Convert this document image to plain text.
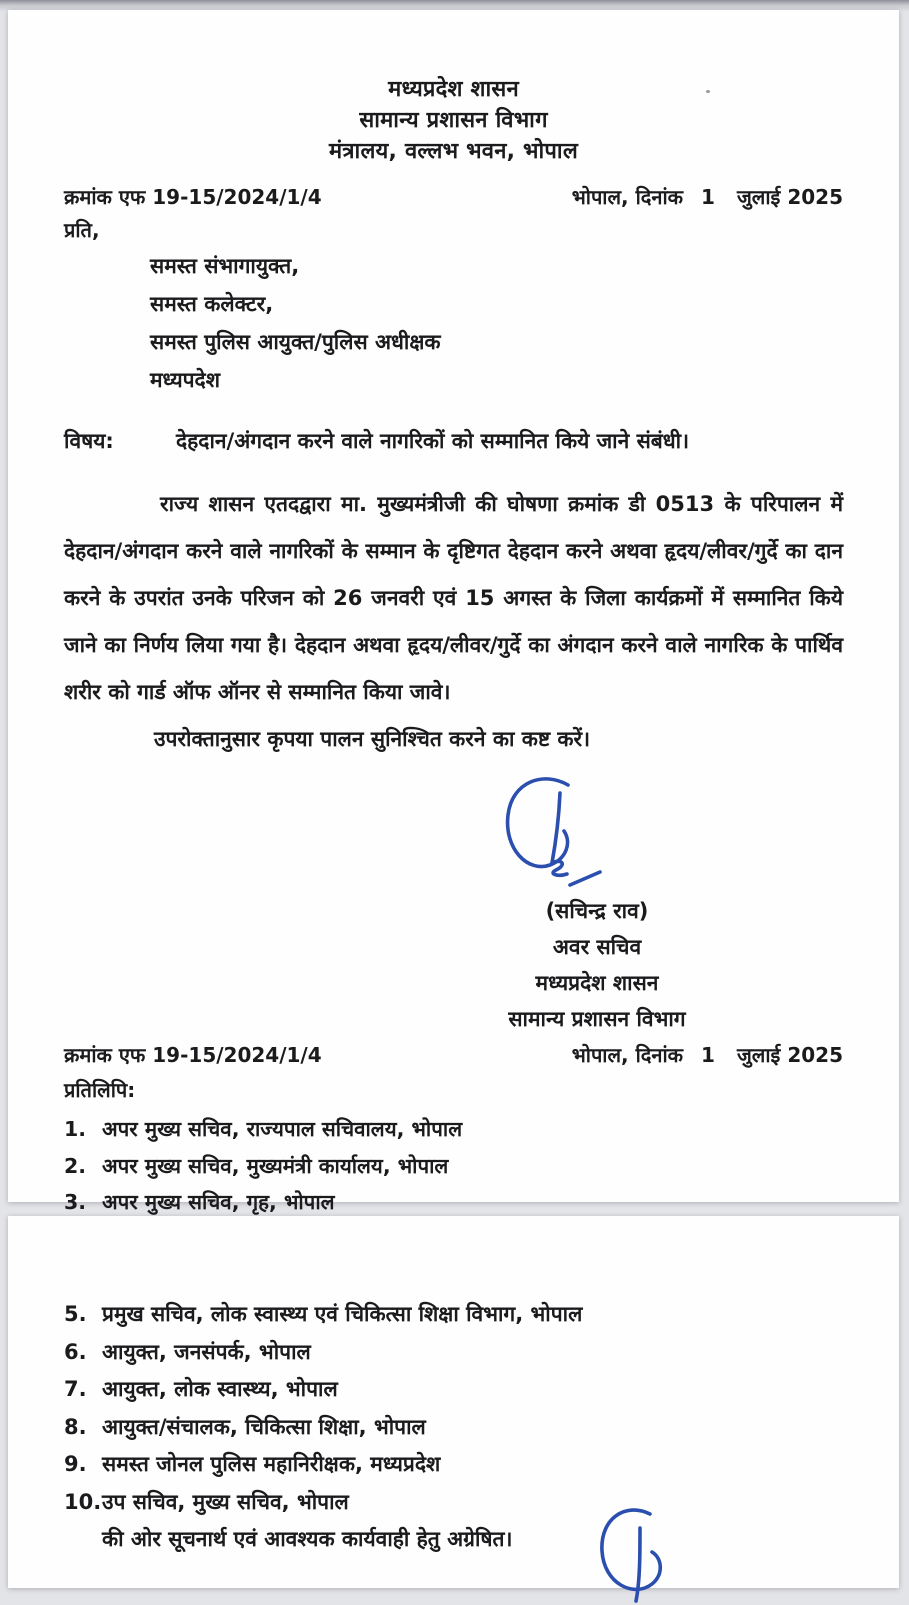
मध्यप्रदेश शासन
सामान्य प्रशासन विभाग
मंत्रालय, वल्लभ भवन, भोपाल
क्रमांक एफ 19-15/2024/1/4	भोपाल, दिनांक 1 जुलाई 2025
प्रति,
समस्त संभागायुक्त,
समस्त कलेक्टर,
समस्त पुलिस आयुक्त/पुलिस अधीक्षक
मध्यपदेश
विषय:	देहदान/अंगदान करने वाले नागरिकों को सम्मानित किये जाने संबंधी।
राज्य शासन एतदद्वारा मा. मुख्यमंत्रीजी की घोषणा क्रमांक डी 0513 के परिपालन में देहदान/अंगदान करने वाले नागरिकों के सम्मान के दृष्टिगत देहदान करने अथवा हृदय/लीवर/गुर्दे का दान करने के उपरांत उनके परिजन को 26 जनवरी एवं 15 अगस्त के जिला कार्यक्रमों में सम्मानित किये जाने का निर्णय लिया गया है। देहदान अथवा हृदय/लीवर/गुर्दे का अंगदान करने वाले नागरिक के पार्थिव शरीर को गार्ड ऑफ ऑनर से सम्मानित किया जावे।
उपरोक्तानुसार कृपया पालन सुनिश्चित करने का कष्ट करें।
(सचिन्द्र राव)
अवर सचिव
मध्यप्रदेश शासन
सामान्य प्रशासन विभाग
क्रमांक एफ 19-15/2024/1/4	भोपाल, दिनांक 1 जुलाई 2025
प्रतिलिपि:
1. अपर मुख्य सचिव, राज्यपाल सचिवालय, भोपाल
2. अपर मुख्य सचिव, मुख्यमंत्री कार्यालय, भोपाल
3. अपर मुख्य सचिव, गृह, भोपाल
5. प्रमुख सचिव, लोक स्वास्थ्य एवं चिकित्सा शिक्षा विभाग, भोपाल
6. आयुक्त, जनसंपर्क, भोपाल
7. आयुक्त, लोक स्वास्थ्य, भोपाल
8. आयुक्त/संचालक, चिकित्सा शिक्षा, भोपाल
9. समस्त जोनल पुलिस महानिरीक्षक, मध्यप्रदेश
10. उप सचिव, मुख्य सचिव, भोपाल
की ओर सूचनार्थ एवं आवश्यक कार्यवाही हेतु अग्रेषित।
